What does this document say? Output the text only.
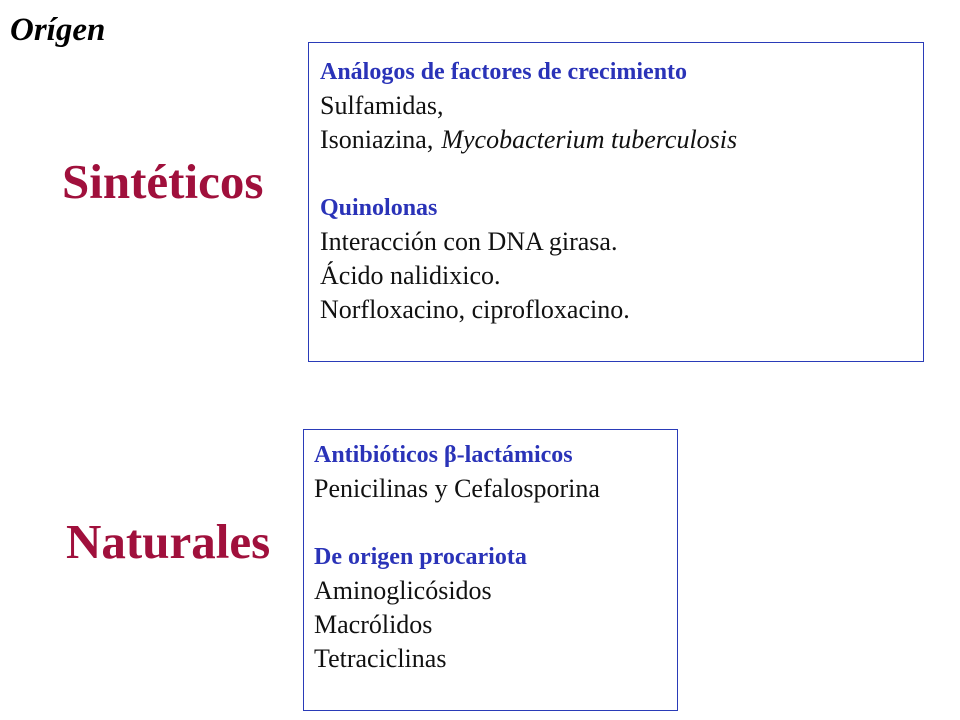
Orígen
Sintéticos
Análogos de factores de crecimiento
Sulfamidas,
Isoniazina, Mycobacterium tuberculosis
Quinolonas
Interacción con DNA girasa.
Ácido nalidixico.
Norfloxacino, ciprofloxacino.
Naturales
Antibióticos β-lactámicos
Penicilinas y Cefalosporina
De origen procariota
Aminoglicósidos
Macrólidos
Tetraciclinas
